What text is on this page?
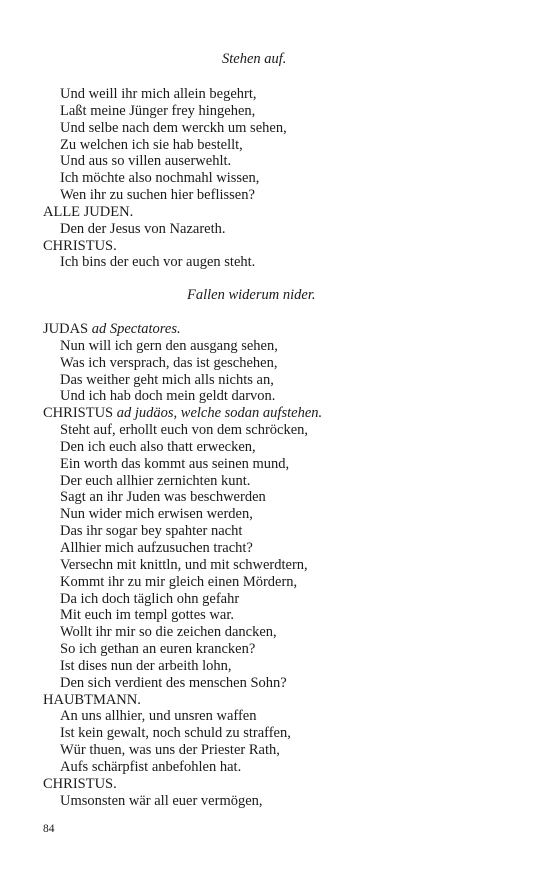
Stehen auf.
Und weill ihr mich allein begehrt,
Laßt meine Jünger frey hingehen,
Und selbe nach dem werckh um sehen,
Zu welchen ich sie hab bestellt,
Und aus so villen auserwehlt.
Ich möchte also nochmahl wissen,
Wen ihr zu suchen hier beflissen?
ALLE JUDEN.
Den der Jesus von Nazareth.
CHRISTUS.
Ich bins der euch vor augen steht.
Fallen widerum nider.
JUDAS ad Spectatores.
Nun will ich gern den ausgang sehen,
Was ich versprach, das ist geschehen,
Das weither geht mich alls nichts an,
Und ich hab doch mein geldt darvon.
CHRISTUS ad judäos, welche sodan aufstehen.
Steht auf, erhollt euch von dem schröcken,
Den ich euch also thatt erwecken,
Ein worth das kommt aus seinen mund,
Der euch allhier zernichten kunt.
Sagt an ihr Juden was beschwerden
Nun wider mich erwisen werden,
Das ihr sogar bey spahter nacht
Allhier mich aufzusuchen tracht?
Versechn mit knittln, und mit schwerdtern,
Kommt ihr zu mir gleich einen Mördern,
Da ich doch täglich ohn gefahr
Mit euch im templ gottes war.
Wollt ihr mir so die zeichen dancken,
So ich gethan an euren krancken?
Ist dises nun der arbeith lohn,
Den sich verdient des menschen Sohn?
HAUBTMANN.
An uns allhier, und unsren waffen
Ist kein gewalt, noch schuld zu straffen,
Wür thuen, was uns der Priester Rath,
Aufs schärpfist anbefohlen hat.
CHRISTUS.
Umsonsten wär all euer vermögen,
84
